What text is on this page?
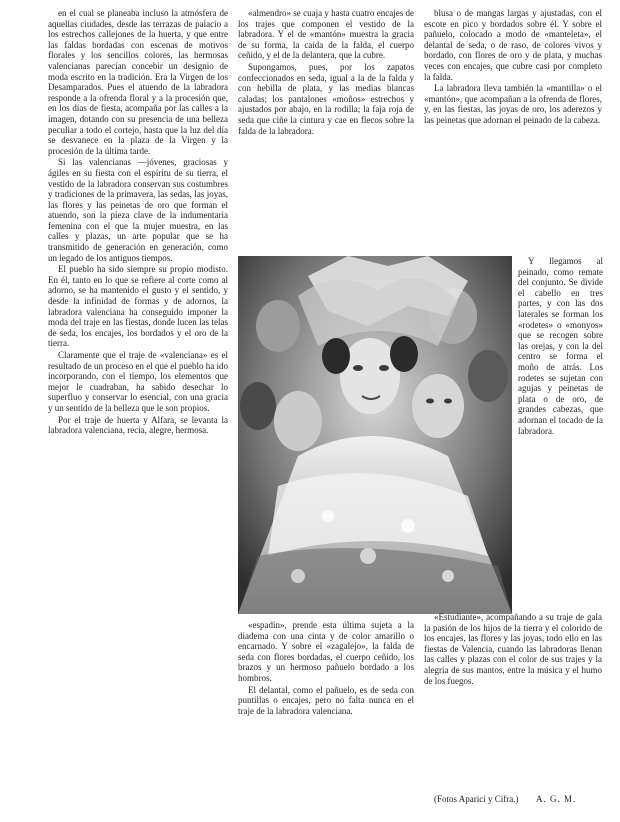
en el cual se planeaba incluso la atmósfera de aquellas ciudades, desde las terrazas de palacio a los estrechos callejones de la huerta, y que entre las faldas bordadas con escenas de motivos florales y los sencillos colores, las hermosas valencianas parecían concebir un designio de moda escrito en la tradición. Era la Virgen de los Desamparados. Pues el atuendo de la labradora responde a la ofrenda floral y a la procesión que, en los días de fiesta, acompaña por las calles a la imagen, dotando con su presencia de una belleza peculiar a todo el cortejo, hasta que la luz del día se desvanece en la plaza de la Virgen y la procesión de la última tarde.

Si las valencianas —jóvenes, graciosas y ágiles en su fiesta con el espíritu de su tierra, el vestido de la labradora conservan sus costumbres y tradiciones de la primavera, las sedas, las joyas, las flores y las peinetas de oro que forman el atuendo, son la pieza clave de la indumentaria femenina con el que la mujer muestra, en las calles y plazas, un arte popular que se ha transmitido de generación en generación, como un legado de los antiguos tiempos.

El pueblo ha sido siempre su propio modisto. En él, tanto en lo que se refiere al corte como al adorno, se ha mantenido el gusto y el sentido, y desde la infinidad de formas y de adornos, la labradora valenciana ha conseguido imponer la moda del traje en las fiestas, donde lucen las telas de seda, los encajes, los bordados y el oro de la tierra.

Claramente que el traje de «valenciana» es el resultado de un proceso en el que el pueblo ha ido incorporando, con el tiempo, los elementos que mejor le cuadraban, ha sabido desechar lo superfluo y conservar lo esencial, con una gracia y un sentido de la belleza que le son propios.

Por el traje de huerta y Alfara, se levanta la labradora valenciana, recia, alegre, hermosa.

«almendro» se cuaja y hasta cuatro encajes de los trajes que componen el vestido de la labradora. Y el de «mantón» muestra la gracia de su forma, la caída de la falda, el cuerpo ceñido, y el de la delantera, que la cubre.

Supongamos, pues, por los zapatos confeccionados en seda, igual a la de la falda y con hebilla de plata, y las medias blancas caladas; los pantalones «moños» estrechos y ajustados por abajo, en la rodilla; la faja roja de seda que ciñe la cintura y cae en flecos sobre la falda de la labradora.

blusa o de mangas largas y ajustadas, con el escote en pico y bordados sobre él. Y sobre el pañuelo, colocado a modo de «manteleta», el delantal de seda, o de raso, de colores vivos y bordado, con flores de oro y de plata, y muchas veces con encajes, que cubre casi por completo la falda.

La labradora lleva también la «mantilla» o el «mantón», que acompañan a la ofrenda de flores, y, en las fiestas, las joyas de oro, los aderezos y las peinetas que adornan el peinado de la cabeza.

Y llegamos al peinado, como remate del conjunto. Se divide el cabello en tres partes, y con las dos laterales se forman los «rodetes» o «monyos» que se recogen sobre las orejas, y con la del centro se forma el moño de atrás. Los rodetes se sujetan con agujas y peinetas de plata o de oro, de grandes cabezas, que adornan el tocado de la labradora.

«espadín», prende esta última sujeta a la diadema con una cinta y de color amarillo o encarnado. Y sobre el «zagalejo», la falda de seda con flores bordadas, el cuerpo ceñido, los brazos y un hermoso pañuelo bordado a los hombros.

El delantal, como el pañuelo, es de seda con puntillas o encajes, pero no falta nunca en el traje de la labradora valenciana.

«Estudiante», acompañando a su traje de gala la pasión de los hijos de la tierra y el colorido de los encajes, las flores y las joyas, todo ello en las fiestas de Valencia, cuando las labradoras llenan las calles y plazas con el color de sus trajes y la alegría de sus mantos, entre la música y el humo de los fuegos.

(Fotos Aparici y Cifra.) A. G. M.
